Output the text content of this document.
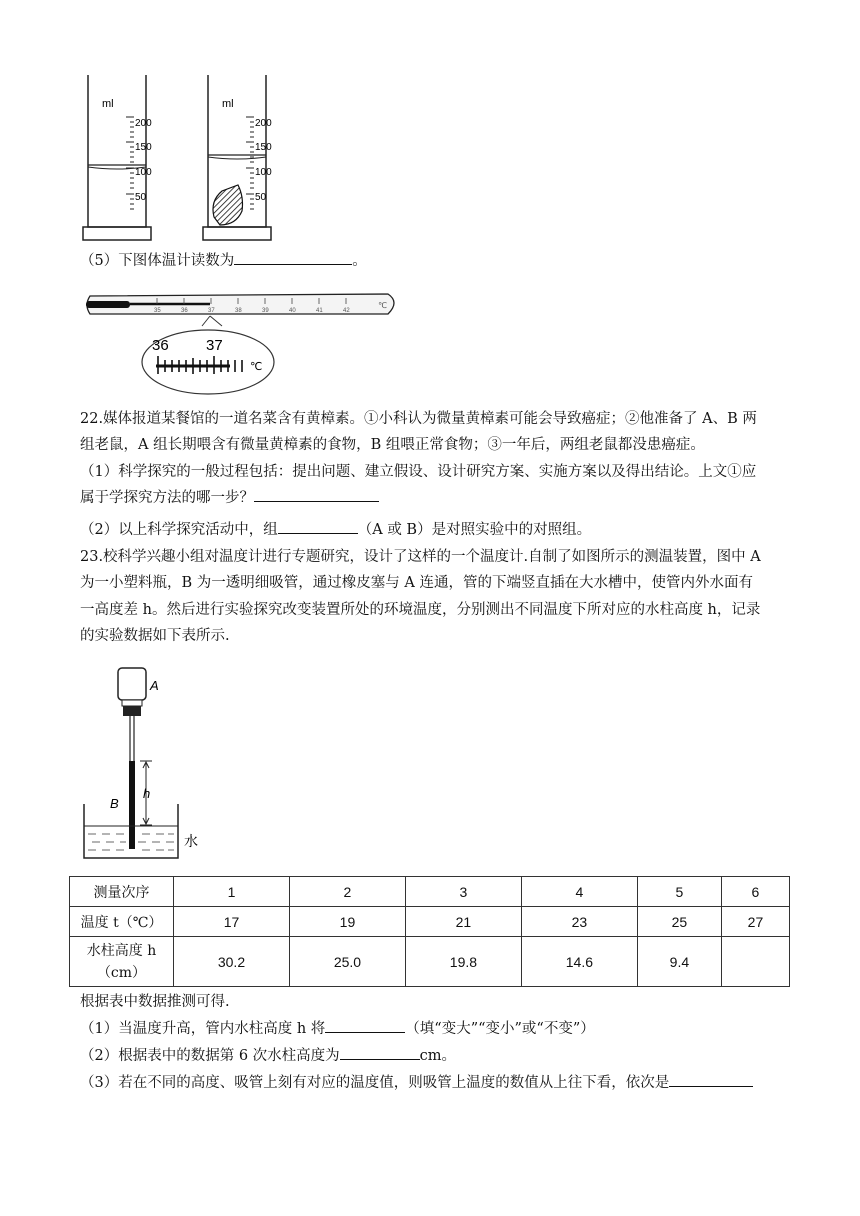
ml
200
150
100
50
ml
200
150
100
50
（5）下图体温计读数为	。
35	36	37	38	39	40	41	42
℃
36 37
℃
22.媒体报道某餐馆的一道名菜含有黄樟素。①小科认为微量黄樟素可能会导致癌症；②他准备了 A、B 两
组老鼠，A 组长期喂含有微量黄樟素的食物，B 组喂正常食物；③一年后，两组老鼠都没患癌症。
（1）科学探究的一般过程包括：提出问题、建立假设、设计研究方案、实施方案以及得出结论。上文①应
属于学探究方法的哪一步？
（2）以上科学探究活动中，组	（A 或 B）是对照实验中的对照组。
23.校科学兴趣小组对温度计进行专题研究，设计了这样的一个温度计.自制了如图所示的测温装置，图中 A
为一小塑料瓶，B 为一透明细吸管，通过橡皮塞与 A 连通，管的下端竖直插在大水槽中，使管内外水面有
一高度差 h。然后进行实验探究改变装置所处的环境温度，分别测出不同温度下所对应的水柱高度 h，记录
的实验数据如下表所示.
A
B
h
水
测量次序	1	2	3	4	5	6
温度 t（℃）	17	19	21	23	25	27

水柱高度 h
（cm）	30.2	25.0	19.8	14.6	9.4	
根据表中数据推测可得.
（1）当温度升高，管内水柱高度 h 将	（填“变大”“变小”或“不变”）
（2）根据表中的数据第 6 次水柱高度为	cm。
（3）若在不同的高度、吸管上刻有对应的温度值，则吸管上温度的数值从上往下看，依次是
